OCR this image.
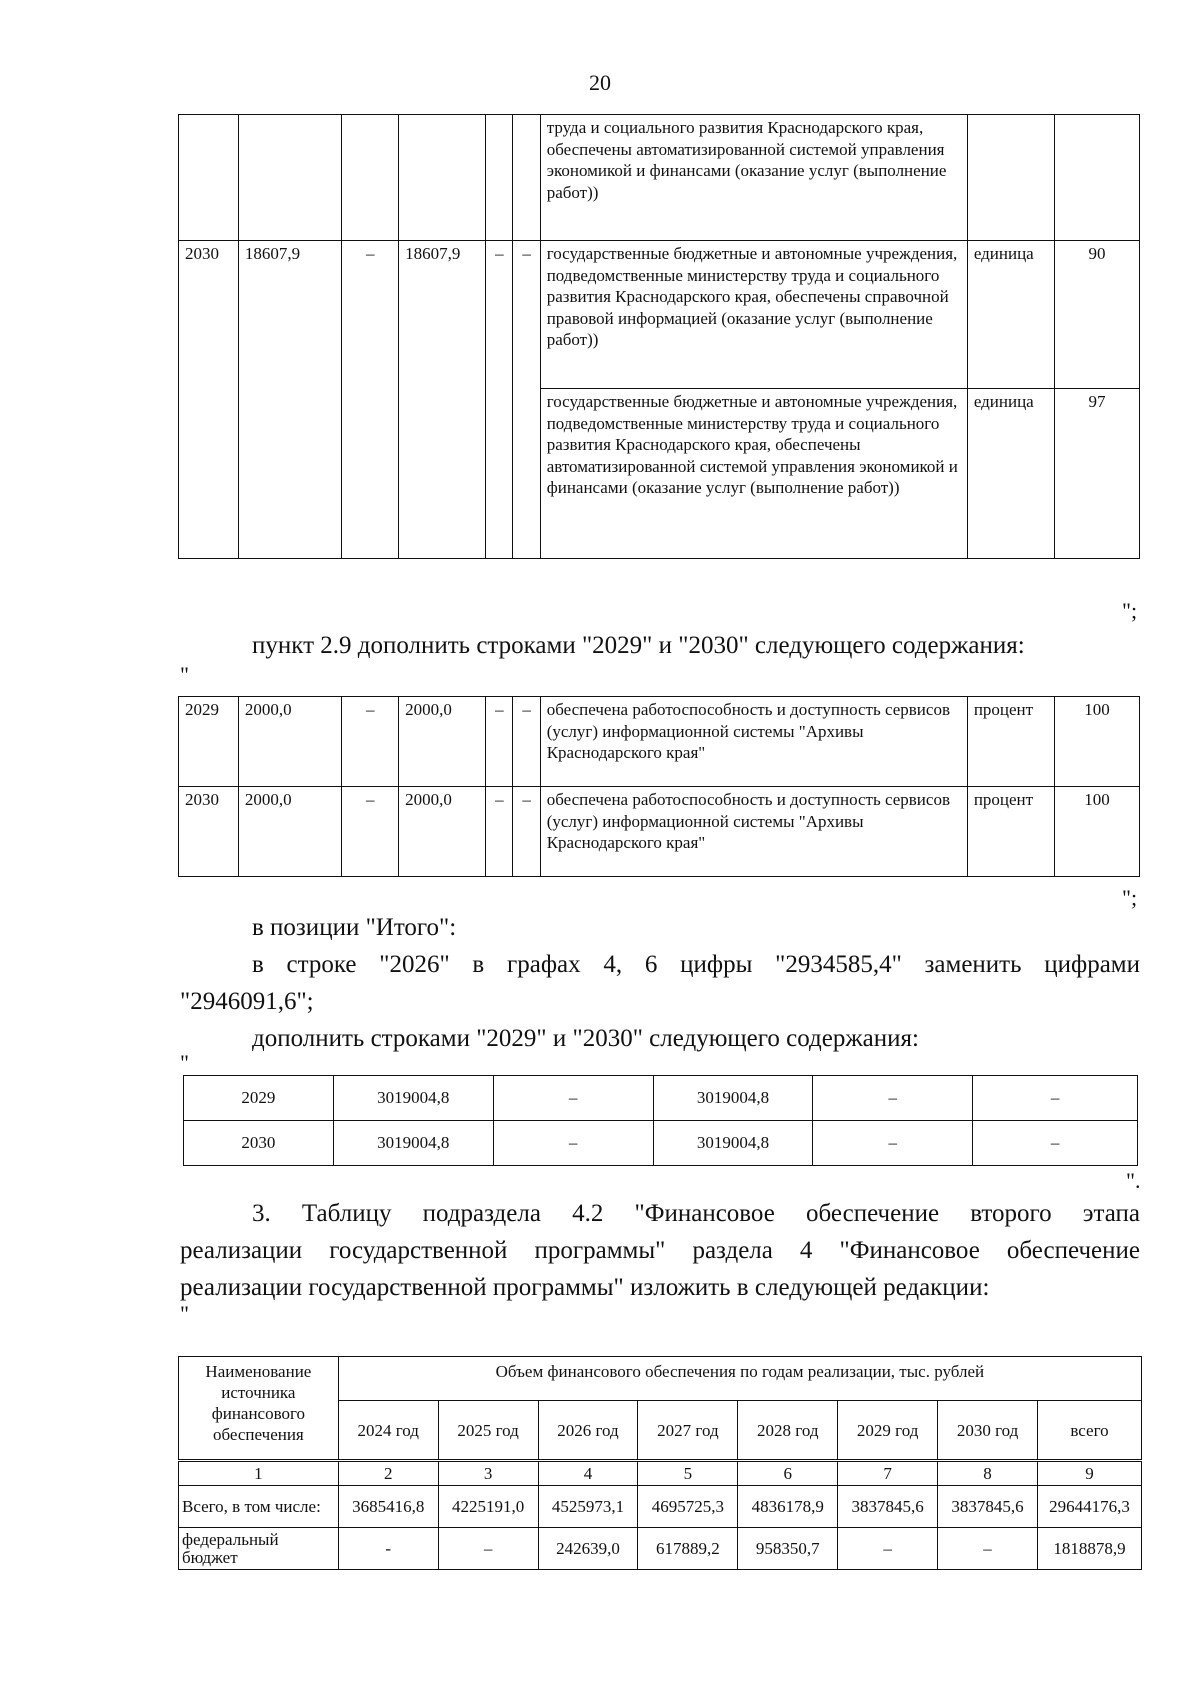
20
						труда и социального развития Краснодарского края, обеспечены автоматизированной системой управления экономикой и финансами (оказание услуг (выполнение работ))		
2030	18607,9	–	18607,9	–	–	государственные бюджетные и автономные учреждения, подведомственные министерству труда и социального развития Краснодарского края, обеспечены справочной правовой информацией (оказание услуг (выполнение работ))	единица	90
						государственные бюджетные и автономные учреждения, подведомственные министерству труда и социального развития Краснодарского края, обеспечены автоматизированной системой управления экономикой и финансами (оказание услуг (выполнение работ))	единица	97
";

пункт 2.9 дополнить строками "2029" и "2030" следующего содержания:

"
2029	2000,0	–	2000,0	–	–	обеспечена работоспособность и доступность сервисов (услуг) информационной системы "Архивы Краснодарского края"	процент	100
2030	2000,0	–	2000,0	–	–	обеспечена работоспособность и доступность сервисов (услуг) информационной системы "Архивы Краснодарского края"	процент	100
";

в позиции "Итого":

в строке "2026" в графах 4, 6 цифры "2934585,4" заменить цифрами

"2946091,6";

дополнить строками "2029" и "2030" следующего содержания:

"
2029	3019004,8	–	3019004,8	–	–
2030	3019004,8	–	3019004,8	–	–
".

3. Таблицу подраздела 4.2 "Финансовое обеспечение второго этапа

реализации государственной программы" раздела 4 "Финансовое обеспечение

реализации государственной программы" изложить в следующей редакции:

"
Наименование источника финансового обеспечения	Объем финансового обеспечения по годам реализации, тыс. рублей							
	2024 год	2025 год	2026 год	2027 год	2028 год	2029 год	2030 год	всего
1	2	3	4	5	6	7	8	9
Всего, в том числе:	3685416,8	4225191,0	4525973,1	4695725,3	4836178,9	3837845,6	3837845,6	29644176,3
федеральный бюджет	-	–	242639,0	617889,2	958350,7	–	–	1818878,9
